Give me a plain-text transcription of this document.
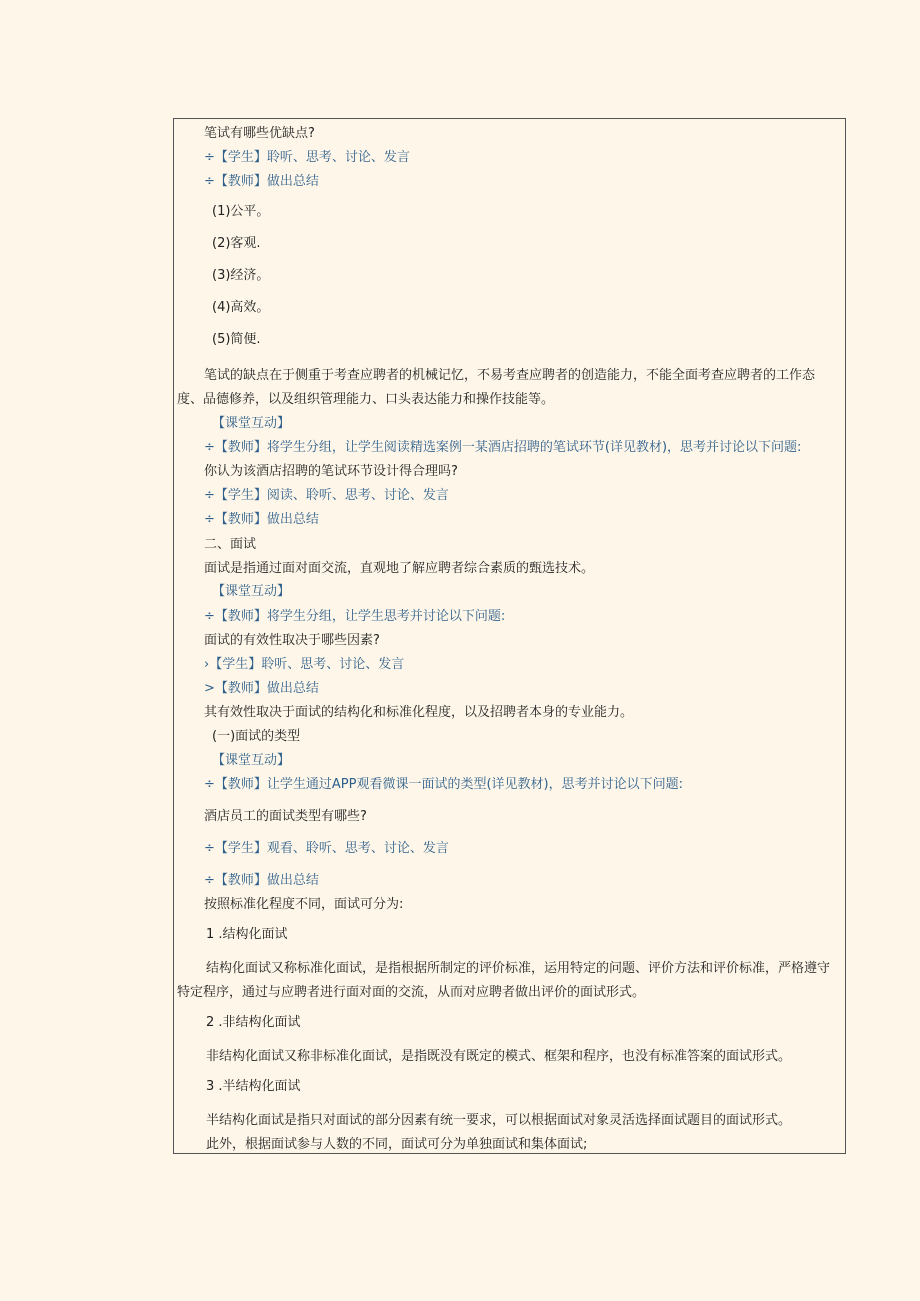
笔试有哪些优缺点?
÷【学生】聆听、思考、讨论、发言
÷【教师】做出总结
(1)公平。
(2)客观.
(3)经济。
(4)高效。
(5)简便.
笔试的缺点在于侧重于考查应聘者的机械记忆，不易考查应聘者的创造能力，不能全面考查应聘者的工作态
度、品德修养，以及组织管理能力、口头表达能力和操作技能等。
【课堂互动】
÷【教师】将学生分组，让学生阅读精选案例一某酒店招聘的笔试环节(详见教材)，思考并讨论以下问题:
你认为该酒店招聘的笔试环节设计得合理吗?
÷【学生】阅读、聆听、思考、讨论、发言
÷【教师】做出总结
二、面试
面试是指通过面对面交流，直观地了解应聘者综合素质的甄选技术。
【课堂互动】
÷【教师】将学生分组，让学生思考并讨论以下问题:
面试的有效性取决于哪些因素?
›【学生】聆听、思考、讨论、发言
>【教师】做出总结
其有效性取决于面试的结构化和标准化程度，以及招聘者本身的专业能力。
(一)面试的类型
【课堂互动】
÷【教师】让学生通过APP观看微课一面试的类型(详见教材)，思考并讨论以下问题:
酒店员工的面试类型有哪些?
÷【学生】观看、聆听、思考、讨论、发言
÷【教师】做出总结
按照标准化程度不同，面试可分为:
1 .结构化面试
结构化面试又称标准化面试，是指根据所制定的评价标准，运用特定的问题、评价方法和评价标准，严格遵守
特定程序，通过与应聘者进行面对面的交流，从而对应聘者做出评价的面试形式。
2 .非结构化面试
非结构化面试又称非标准化面试，是指既没有既定的模式、框架和程序，也没有标准答案的面试形式。
3 .半结构化面试
半结构化面试是指只对面试的部分因素有统一要求，可以根据面试对象灵活选择面试题目的面试形式。
此外，根据面试参与人数的不同，面试可分为单独面试和集体面试;
